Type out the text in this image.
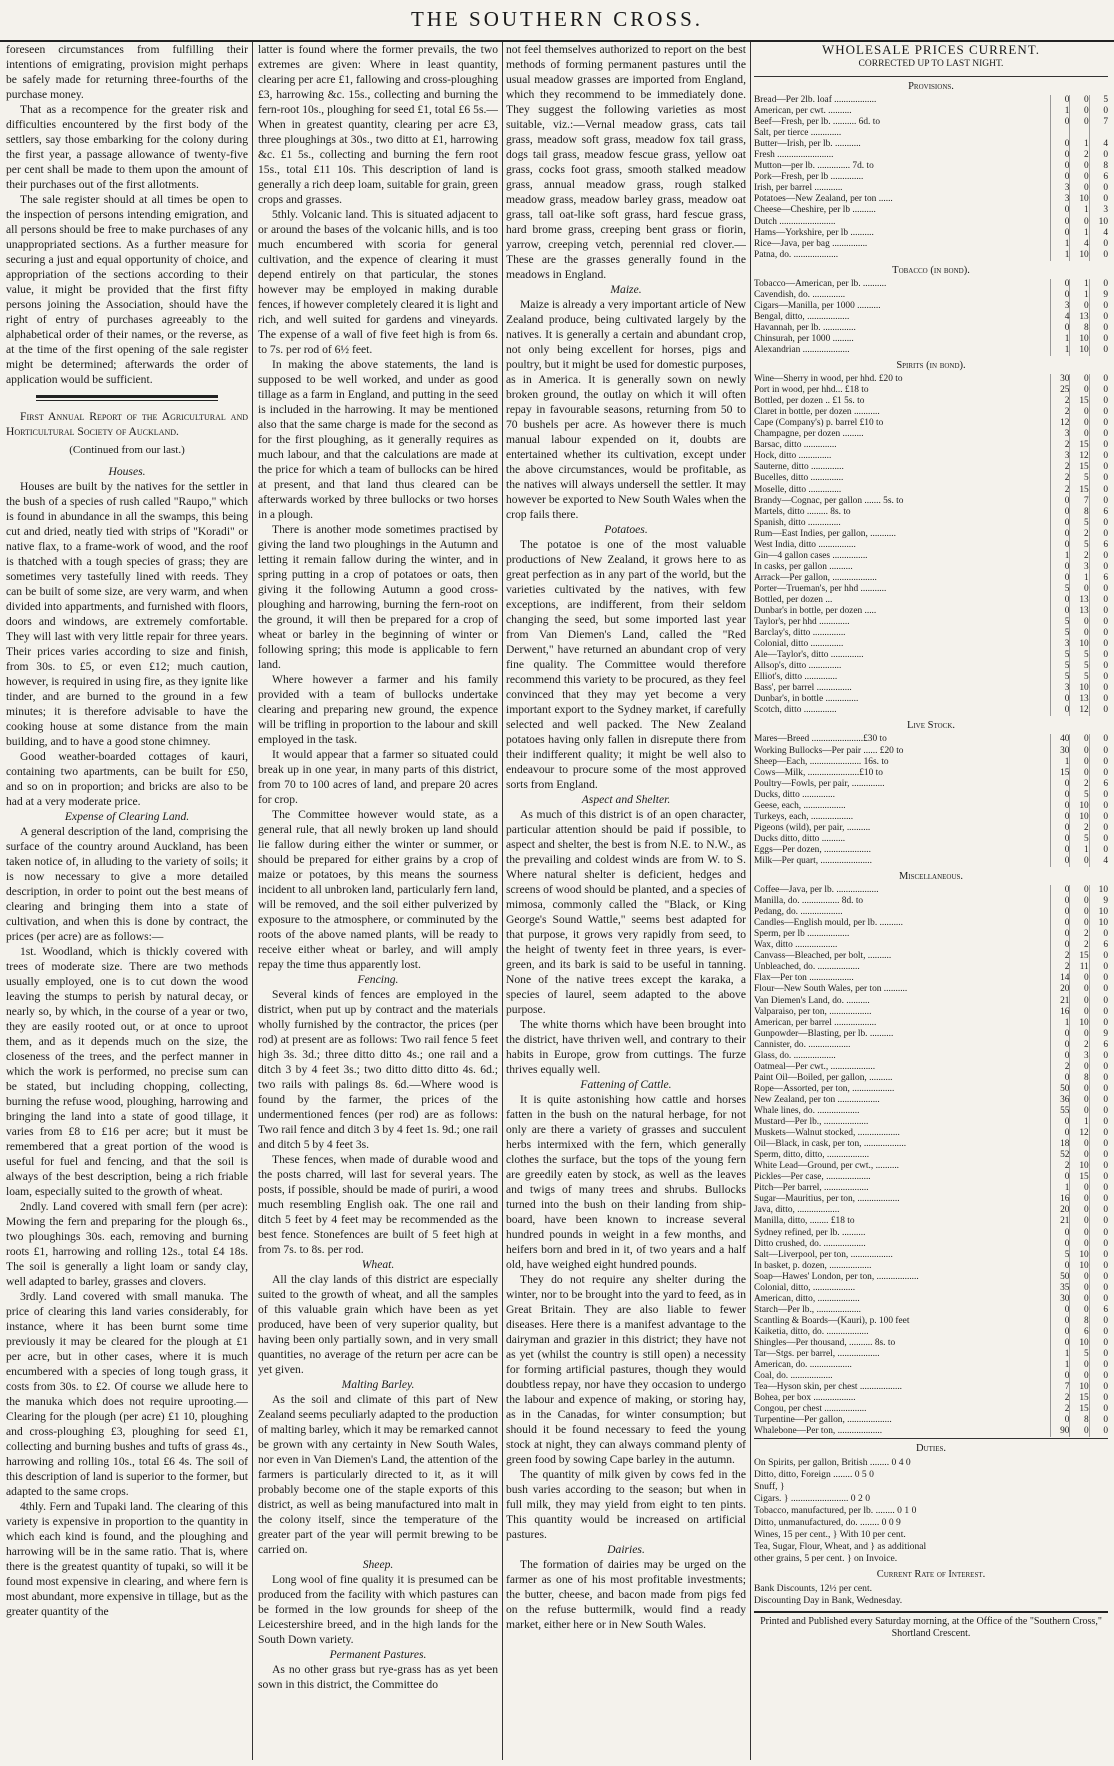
THE SOUTHERN CROSS.

foreseen circumstances from fulfilling their intentions of emigrating, provision might perhaps be safely made for returning three-fourths of the purchase money.

That as a recompence for the greater risk and difficulties encountered by the first body of the settlers, say those embarking for the colony during the first year, a passage allowance of twenty-five per cent shall be made to them upon the amount of their purchases out of the first allotments.

The sale register should at all times be open to the inspection of persons intending emigration, and all persons should be free to make purchases of any unappropriated sections. As a further measure for securing a just and equal opportunity of choice, and appropriation of the sections according to their value, it might be provided that the first fifty persons joining the Association, should have the right of entry of purchases agreeably to the alphabetical order of their names, or the reverse, as at the time of the first opening of the sale register might be determined; afterwards the order of application would be sufficient.

First Annual Report of the Agricultural and Horticultural Society of Auckland.

(Continued from our last.)

Houses.

Houses are built by the natives for the settler in the bush of a species of rush called "Raupo," which is found in abundance in all the swamps, this being cut and dried, neatly tied with strips of "Koradi" or native flax, to a frame-work of wood, and the roof is thatched with a tough species of grass; they are sometimes very tastefully lined with reeds. They can be built of some size, are very warm, and when divided into appartments, and furnished with floors, doors and windows, are extremely comfortable. They will last with very little repair for three years. Their prices varies according to size and finish, from 30s. to £5, or even £12; much caution, however, is required in using fire, as they ignite like tinder, and are burned to the ground in a few minutes; it is therefore advisable to have the cooking house at some distance from the main building, and to have a good stone chimney.

Good weather-boarded cottages of kauri, containing two apartments, can be built for £50, and so on in proportion; and bricks are also to be had at a very moderate price.

Expense of Clearing Land.

A general description of the land, comprising the surface of the country around Auckland, has been taken notice of, in alluding to the variety of soils; it is now necessary to give a more detailed description, in order to point out the best means of clearing and bringing them into a state of cultivation, and when this is done by contract, the prices (per acre) are as follows:—

1st. Woodland, which is thickly covered with trees of moderate size. There are two methods usually employed, one is to cut down the wood leaving the stumps to perish by natural decay, or nearly so, by which, in the course of a year or two, they are easily rooted out, or at once to uproot them, and as it depends much on the size, the closeness of the trees, and the perfect manner in which the work is performed, no precise sum can be stated, but including chopping, collecting, burning the refuse wood, ploughing, harrowing and bringing the land into a state of good tillage, it varies from £8 to £16 per acre; but it must be remembered that a great portion of the wood is useful for fuel and fencing, and that the soil is always of the best description, being a rich friable loam, especially suited to the growth of wheat.

2ndly. Land covered with small fern (per acre): Mowing the fern and preparing for the plough 6s., two ploughings 30s. each, removing and burning roots £1, harrowing and rolling 12s., total £4 18s. The soil is generally a light loam or sandy clay, well adapted to barley, grasses and clovers.

3rdly. Land covered with small manuka. The price of clearing this land varies considerably, for instance, where it has been burnt some time previously it may be cleared for the plough at £1 per acre, but in other cases, where it is much encumbered with a species of long tough grass, it costs from 30s. to £2. Of course we allude here to the manuka which does not require uprooting.—Clearing for the plough (per acre) £1 10, ploughing and cross-ploughing £3, ploughing for seed £1, collecting and burning bushes and tufts of grass 4s., harrowing and rolling 10s., total £6 4s. The soil of this description of land is superior to the former, but adapted to the same crops.

4thly. Fern and Tupaki land. The clearing of this variety is expensive in proportion to the quantity in which each kind is found, and the ploughing and harrowing will be in the same ratio. That is, where there is the greatest quantity of tupaki, so will it be found most expensive in clearing, and where fern is most abundant, more expensive in tillage, but as the greater quantity of the

latter is found where the former prevails, the two extremes are given: Where in least quantity, clearing per acre £1, fallowing and cross-ploughing £3, harrowing &c. 15s., collecting and burning the fern-root 10s., ploughing for seed £1, total £6 5s.—When in greatest quantity, clearing per acre £3, three ploughings at 30s., two ditto at £1, harrowing &c. £1 5s., collecting and burning the fern root 15s., total £11 10s. This description of land is generally a rich deep loam, suitable for grain, green crops and grasses.

5thly. Volcanic land. This is situated adjacent to or around the bases of the volcanic hills, and is too much encumbered with scoria for general cultivation, and the expence of clearing it must depend entirely on that particular, the stones however may be employed in making durable fences, if however completely cleared it is light and rich, and well suited for gardens and vineyards. The expense of a wall of five feet high is from 6s. to 7s. per rod of 6½ feet.

In making the above statements, the land is supposed to be well worked, and under as good tillage as a farm in England, and putting in the seed is included in the harrowing. It may be mentioned also that the same charge is made for the second as for the first ploughing, as it generally requires as much labour, and that the calculations are made at the price for which a team of bullocks can be hired at present, and that land thus cleared can be afterwards worked by three bullocks or two horses in a plough.

There is another mode sometimes practised by giving the land two ploughings in the Autumn and letting it remain fallow during the winter, and in spring putting in a crop of potatoes or oats, then giving it the following Autumn a good cross-ploughing and harrowing, burning the fern-root on the ground, it will then be prepared for a crop of wheat or barley in the beginning of winter or following spring; this mode is applicable to fern land.

Where however a farmer and his family provided with a team of bullocks undertake clearing and preparing new ground, the expence will be trifling in proportion to the labour and skill employed in the task.

It would appear that a farmer so situated could break up in one year, in many parts of this district, from 70 to 100 acres of land, and prepare 20 acres for crop.

The Committee however would state, as a general rule, that all newly broken up land should lie fallow during either the winter or summer, or should be prepared for either grains by a crop of maize or potatoes, by this means the sourness incident to all unbroken land, particularly fern land, will be removed, and the soil either pulverized by exposure to the atmosphere, or comminuted by the roots of the above named plants, will be ready to receive either wheat or barley, and will amply repay the time thus apparently lost.

Fencing.

Several kinds of fences are employed in the district, when put up by contract and the materials wholly furnished by the contractor, the prices (per rod) at present are as follows: Two rail fence 5 feet high 3s. 3d.; three ditto ditto 4s.; one rail and a ditch 3 by 4 feet 3s.; two ditto ditto ditto 4s. 6d.; two rails with palings 8s. 6d.—Where wood is found by the farmer, the prices of the undermentioned fences (per rod) are as follows: Two rail fence and ditch 3 by 4 feet 1s. 9d.; one rail and ditch 5 by 4 feet 3s.

These fences, when made of durable wood and the posts charred, will last for several years. The posts, if possible, should be made of puriri, a wood much resembling English oak. The one rail and ditch 5 feet by 4 feet may be recommended as the best fence. Stonefences are built of 5 feet high at from 7s. to 8s. per rod.

Wheat.

All the clay lands of this district are especially suited to the growth of wheat, and all the samples of this valuable grain which have been as yet produced, have been of very superior quality, but having been only partially sown, and in very small quantities, no average of the return per acre can be yet given.

Malting Barley.

As the soil and climate of this part of New Zealand seems peculiarly adapted to the production of malting barley, which it may be remarked cannot be grown with any certainty in New South Wales, nor even in Van Diemen's Land, the attention of the farmers is particularly directed to it, as it will probably become one of the staple exports of this district, as well as being manufactured into malt in the colony itself, since the temperature of the greater part of the year will permit brewing to be carried on.

Sheep.

Long wool of fine quality it is presumed can be produced from the facility with which pastures can be formed in the low grounds for sheep of the Leicestershire breed, and in the high lands for the South Down variety.

Permanent Pastures.

As no other grass but rye-grass has as yet been sown in this district, the Committee do

not feel themselves authorized to report on the best methods of forming permanent pastures until the usual meadow grasses are imported from England, which they recommend to be immediately done. They suggest the following varieties as most suitable, viz.:—Vernal meadow grass, cats tail grass, meadow soft grass, meadow fox tail grass, dogs tail grass, meadow fescue grass, yellow oat grass, cocks foot grass, smooth stalked meadow grass, annual meadow grass, rough stalked meadow grass, meadow barley grass, meadow oat grass, tall oat-like soft grass, hard fescue grass, hard brome grass, creeping bent grass or fiorin, yarrow, creeping vetch, perennial red clover.—These are the grasses generally found in the meadows in England.

Maize.

Maize is already a very important article of New Zealand produce, being cultivated largely by the natives. It is generally a certain and abundant crop, not only being excellent for horses, pigs and poultry, but it might be used for domestic purposes, as in America. It is generally sown on newly broken ground, the outlay on which it will often repay in favourable seasons, returning from 50 to 70 bushels per acre. As however there is much manual labour expended on it, doubts are entertained whether its cultivation, except under the above circumstances, would be profitable, as the natives will always undersell the settler. It may however be exported to New South Wales when the crop fails there.

Potatoes.

The potatoe is one of the most valuable productions of New Zealand, it grows here to as great perfection as in any part of the world, but the varieties cultivated by the natives, with few exceptions, are indifferent, from their seldom changing the seed, but some imported last year from Van Diemen's Land, called the "Red Derwent," have returned an abundant crop of very fine quality. The Committee would therefore recommend this variety to be procured, as they feel convinced that they may yet become a very important export to the Sydney market, if carefully selected and well packed. The New Zealand potatoes having only fallen in disrepute there from their indifferent quality; it might be well also to endeavour to procure some of the most approved sorts from England.

Aspect and Shelter.

As much of this district is of an open character, particular attention should be paid if possible, to aspect and shelter, the best is from N.E. to N.W., as the prevailing and coldest winds are from W. to S. Where natural shelter is deficient, hedges and screens of wood should be planted, and a species of mimosa, commonly called the "Black, or King George's Sound Wattle," seems best adapted for that purpose, it grows very rapidly from seed, to the height of twenty feet in three years, is ever-green, and its bark is said to be useful in tanning. None of the native trees except the karaka, a species of laurel, seem adapted to the above purpose.

The white thorns which have been brought into the district, have thriven well, and contrary to their habits in Europe, grow from cuttings. The furze thrives equally well.

Fattening of Cattle.

It is quite astonishing how cattle and horses fatten in the bush on the natural herbage, for not only are there a variety of grasses and succulent herbs intermixed with the fern, which generally clothes the surface, but the tops of the young fern are greedily eaten by stock, as well as the leaves and twigs of many trees and shrubs. Bullocks turned into the bush on their landing from ship-board, have been known to increase several hundred pounds in weight in a few months, and heifers born and bred in it, of two years and a half old, have weighed eight hundred pounds.

They do not require any shelter during the winter, nor to be brought into the yard to feed, as in Great Britain. They are also liable to fewer diseases. Here there is a manifest advantage to the dairyman and grazier in this district; they have not as yet (whilst the country is still open) a necessity for forming artificial pastures, though they would doubtless repay, nor have they occasion to undergo the labour and expence of making, or storing hay, as in the Canadas, for winter consumption; but should it be found necessary to feed the young stock at night, they can always command plenty of green food by sowing Cape barley in the autumn.

The quantity of milk given by cows fed in the bush varies according to the season; but when in full milk, they may yield from eight to ten pints. This quantity would be increased on artificial pastures.

Dairies.

The formation of dairies may be urged on the farmer as one of his most profitable investments; the butter, cheese, and bacon made from pigs fed on the refuse buttermilk, would find a ready market, either here or in New South Wales.

WHOLESALE PRICES CURRENT.
CORRECTED UP TO LAST NIGHT.
Provisions.
Bread—Per 2lb. loaf ..................	0	0	5
American, per cwt. ..........	1	0	0
Beef—Fresh, per lb. .......... 6d. to	0	0	7
Salt, per tierce .............			
Butter—Irish, per lb. ...........	0	1	4
Fresh ........................	0	2	0
Mutton—per lb. .............. 7d. to	0	0	8
Pork—Fresh, per lb ..............	0	0	6
Irish, per barrel ............	3	0	0
Potatoes—New Zealand, per ton ......	3	10	0
Cheese—Cheshire, per lb ..........	0	1	3
Dutch ........................	0	0	10
Hams—Yorkshire, per lb ..........	0	1	4
Rice—Java, per bag ...............	1	4	0
Patna, do. ...................	1	10	0
Tobacco (in bond).
Tobacco—American, per lb. ..........	0	1	0
Cavendish, do. ..............	0	1	9
Cigars—Manilla, per 1000 ..........	3	0	0
Bengal, ditto, ..................	4	13	0
Havannah, per lb. ..............	0	8	0
Chinsurah, per 1000 .........	1	10	0
Alexandrian ....................	1	10	0
Spirits (in bond).
Wine—Sherry in wood, per hhd. £20 to	30	0	0
Port in wood, per hhd... £18 to	25	0	0
Bottled, per dozen .. £1 5s. to	2	15	0
Claret in bottle, per dozen ...........	2	0	0
Cape (Company's) p. barrel £10 to	12	0	0
Champagne, per dozen .........	3	0	0
Barsac, ditto ..............	2	15	0
Hock, ditto ..............	3	12	0
Sauterne, ditto ..............	2	15	0
Bucelles, ditto ..............	2	5	0
Moselle, ditto ..............	2	15	0
Brandy—Cognac, per gallon ....... 5s. to	0	7	0
Martels, ditto ......... 8s. to	0	8	6
Spanish, ditto ..............	0	5	0
Rum—East Indies, per gallon, ...........	0	2	0
West India, ditto ................	0	5	6
Gin—4 gallon cases ...............	1	2	0
In casks, per gallon ..........	0	3	0
Arrack—Per gallon, ...................	0	1	6
Porter—Trueman's, per hhd ...........	5	0	0
Bottled, per dozen ...	0	13	0
Dunbar's in bottle, per dozen .....	0	13	0
Taylor's, per hhd .............	5	0	0
Barclay's, ditto ..............	5	0	0
Colonial, ditto ..............	3	10	0
Ale—Taylor's, ditto ..............	5	5	0
Allsop's, ditto ..............	5	5	0
Elliot's, ditto ..............	5	5	0
Bass', per barrel ...............	3	10	0
Dunbar's, in bottle ..............	0	13	0
Scotch, ditto ..............	0	12	0
Live Stock.
Mares—Breed ......................£30 to	40	0	0
Working Bullocks—Per pair ...... £20 to	30	0	0
Sheep—Each, ...................... 16s. to	1	0	0
Cows—Milk, ......................£10 to	15	0	0
Poultry—Fowls, per pair, ..............	0	2	6
Ducks, ditto ..............	0	5	0
Geese, each, ..................	0	10	0
Turkeys, each, ..................	0	10	0
Pigeons (wild), per pair, ..........	0	2	0
Ducks ditto, ditto ..........	0	5	0
Eggs—Per dozen, ....................	0	1	0
Milk—Per quart, ......................	0	0	4
Miscellaneous.
Coffee—Java, per lb. ..................	0	0	10
Manilla, do. ................ 8d. to	0	0	9
Pedang, do. ..................	0	0	10
Candles—English mould, per lb. ..........	0	0	10
Sperm, per lb ..................	0	2	0
Wax, ditto ..................	0	2	6
Canvass—Bleached, per bolt, ..........	2	15	0
Unbleached, do. ..................	2	11	0
Flax—Per ton ...................	14	0	0
Flour—New South Wales, per ton ..........	20	0	0
Van Diemen's Land, do. ..........	21	0	0
Valparaiso, per ton, ..................	16	0	0
American, per barrel ..................	1	10	0
Gunpowder—Blasting, per lb. ..........	0	0	9
Cannister, do. ..................	0	2	6
Glass, do. ..................	0	3	0
Oatmeal—Per cwt., ...................	2	0	0
Paint Oil—Boiled, per gallon, ..........	0	8	0
Rope—Assorted, per ton, ..................	50	0	0
New Zealand, per ton ..................	36	0	0
Whale lines, do. ..................	55	0	0
Mustard—Per lb., ...................	0	1	0
Muskets—Walnut stocked, ..................	0	12	0
Oil—Black, in cask, per ton, ..................	18	0	0
Sperm, ditto, ditto, ..................	52	0	0
White Lead—Ground, per cwt., ..........	2	10	0
Pickles—Per case, ...................	0	15	0
Pitch—Per barrel, ...................	1	0	0
Sugar—Mauritius, per ton, ..................	16	0	0
Java, ditto, ..................	20	0	0
Manilla, ditto, ........ £18 to	21	0	0
Sydney refined, per lb. ..........	0	0	0
Ditto crushed, do. ..................	0	0	0
Salt—Liverpool, per ton, ..................	5	10	0
In basket, p. dozen, ..................	0	10	0
Soap—Hawes' London, per ton, ..................	50	0	0
Colonial, ditto, ..................	35	0	0
American, ditto, ..................	30	0	0
Starch—Per lb., ...................	0	0	6
Scantling & Boards—(Kauri), p. 100 feet	0	8	0
Kaiketia, ditto, do. ..................	0	6	0
Shingles—Per thousand, .......... 8s. to	0	10	0
Tar—Stgs. per barrel, ..................	1	5	0
American, do. ..................	1	0	0
Coal, do. ..................	0	0	0
Tea—Hyson skin, per chest ..................	7	10	0
Bohea, per box ..................	2	15	0
Congou, per chest ..................	2	15	0
Turpentine—Per gallon, ...................	0	8	0
Whalebone—Per ton, ...................	90	0	0
Duties.
On Spirits, per gallon, British ........ 0 4 0
Ditto, ditto, Foreign ........ 0 5 0
Snuff, }
Cigars. } ........................ 0 2 0
Tobacco, manufactured, per lb. ........ 0 1 0
Ditto, unmanufactured, do. ........ 0 0 9
Wines, 15 per cent., } With 10 per cent.
Tea, Sugar, Flour, Wheat, and } as additional
other grains, 5 per cent. } on Invoice.
Current Rate of Interest.
Bank Discounts, 12½ per cent.
Discounting Day in Bank, Wednesday.
Printed and Published every Saturday morning, at the Office of the "Southern Cross," Shortland Crescent.
